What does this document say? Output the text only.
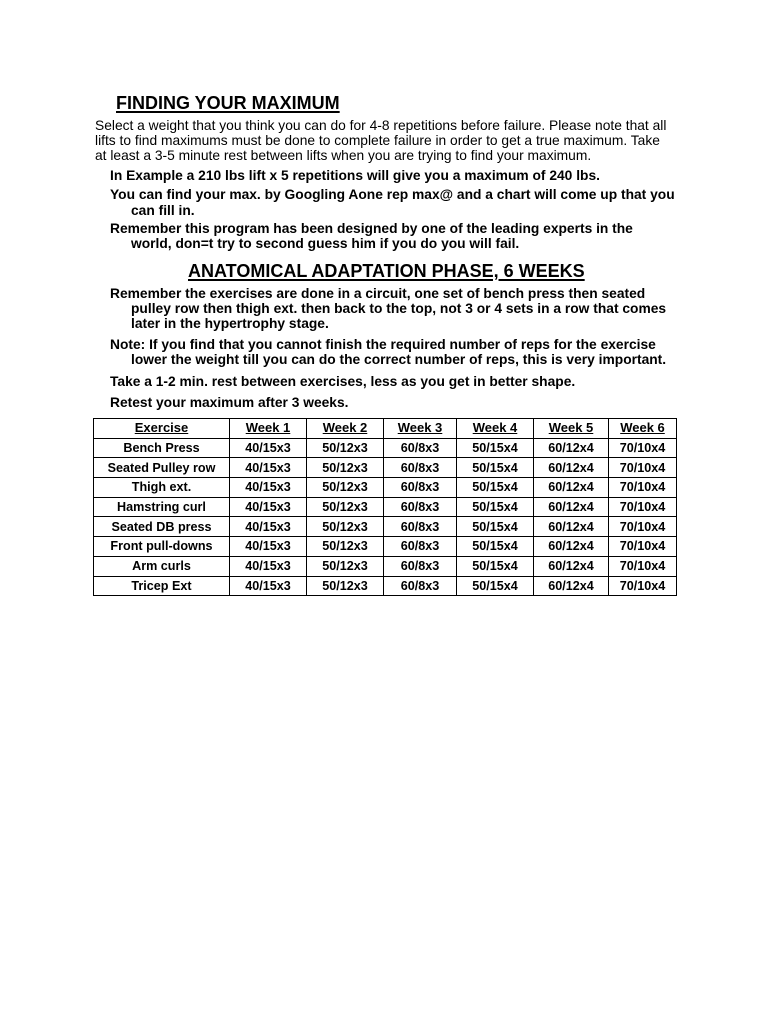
FINDING YOUR MAXIMUM
Select a weight that you think you can do for 4-8 repetitions before failure. Please note that all
lifts to find maximums must be done to complete failure in order to get a true maximum. Take
at least a 3-5 minute rest between lifts when you are trying to find your maximum.
In Example a 210 lbs lift x 5 repetitions will give you a maximum of 240 lbs.
You can find your max. by Googling Aone rep max@ and a chart will come up that you
can fill in.
Remember this program has been designed by one of the leading experts in the
world, don=t try to second guess him if you do you will fail.
ANATOMICAL ADAPTATION PHASE, 6 WEEKS
Remember the exercises are done in a circuit, one set of bench press then seated
pulley row then thigh ext. then back to the top, not 3 or 4 sets in a row that comes
later in the hypertrophy stage.
Note: If you find that you cannot finish the required number of reps for the exercise
lower the weight till you can do the correct number of reps, this is very important.
Take a 1-2 min. rest between exercises, less as you get in better shape.
Retest your maximum after 3 weeks.
Exercise	Week 1	Week 2	Week 3	Week 4	Week 5	Week 6
Bench Press	40/15x3	50/12x3	60/8x3	50/15x4	60/12x4	70/10x4
Seated Pulley row	40/15x3	50/12x3	60/8x3	50/15x4	60/12x4	70/10x4
Thigh ext.	40/15x3	50/12x3	60/8x3	50/15x4	60/12x4	70/10x4
Hamstring curl	40/15x3	50/12x3	60/8x3	50/15x4	60/12x4	70/10x4
Seated DB press	40/15x3	50/12x3	60/8x3	50/15x4	60/12x4	70/10x4
Front pull-downs	40/15x3	50/12x3	60/8x3	50/15x4	60/12x4	70/10x4
Arm curls	40/15x3	50/12x3	60/8x3	50/15x4	60/12x4	70/10x4
Tricep Ext	40/15x3	50/12x3	60/8x3	50/15x4	60/12x4	70/10x4
